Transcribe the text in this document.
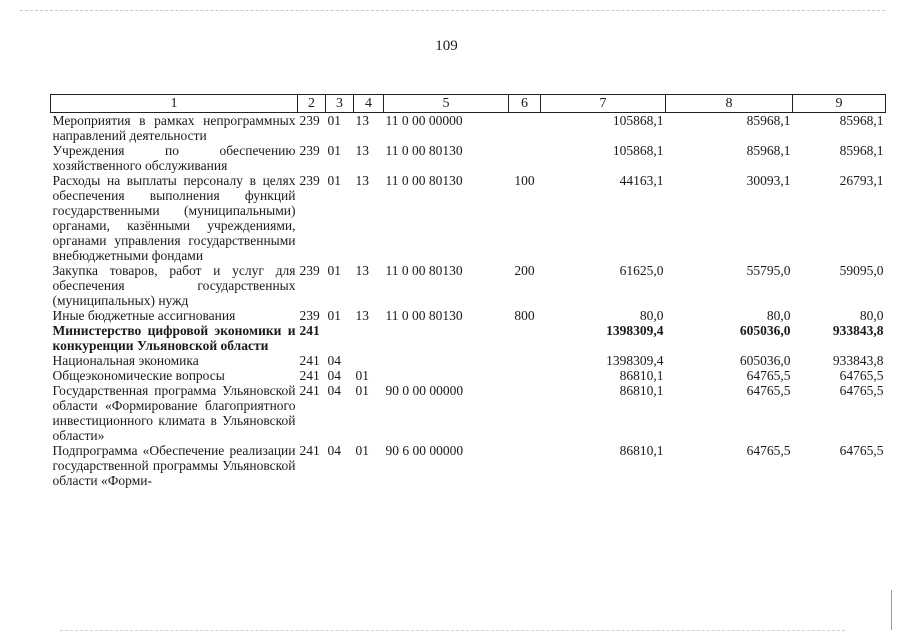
109
1	2	3	4	5	6	7	8	9
Мероприятия в рамках непрограммных направлений деятельности	239	01	13	11 0 00 00000		105868,1	85968,1	85968,1
Учреждения по обеспечению хозяйственного обслуживания	239	01	13	11 0 00 80130		105868,1	85968,1	85968,1
Расходы на выплаты персоналу в целях обеспечения выполнения функций государственными (муниципальными) органами, казёнными учреждениями, органами управления государственными внебюджетными фондами	239	01	13	11 0 00 80130	100	44163,1	30093,1	26793,1
Закупка товаров, работ и услуг для обеспечения государственных (муниципальных) нужд	239	01	13	11 0 00 80130	200	61625,0	55795,0	59095,0
Иные бюджетные ассигнования	239	01	13	11 0 00 80130	800	80,0	80,0	80,0
Министерство цифровой экономики и конкуренции Ульяновской области	241					1398309,4	605036,0	933843,8
Национальная экономика	241	04				1398309,4	605036,0	933843,8
Общеэкономические вопросы	241	04	01			86810,1	64765,5	64765,5
Государственная программа Ульяновской области «Формирование благоприятного инвестиционного климата в Ульяновской области»	241	04	01	90 0 00 00000		86810,1	64765,5	64765,5
Подпрограмма «Обеспечение реализации государственной программы Ульяновской области «Форми-	241	04	01	90 6 00 00000		86810,1	64765,5	64765,5
